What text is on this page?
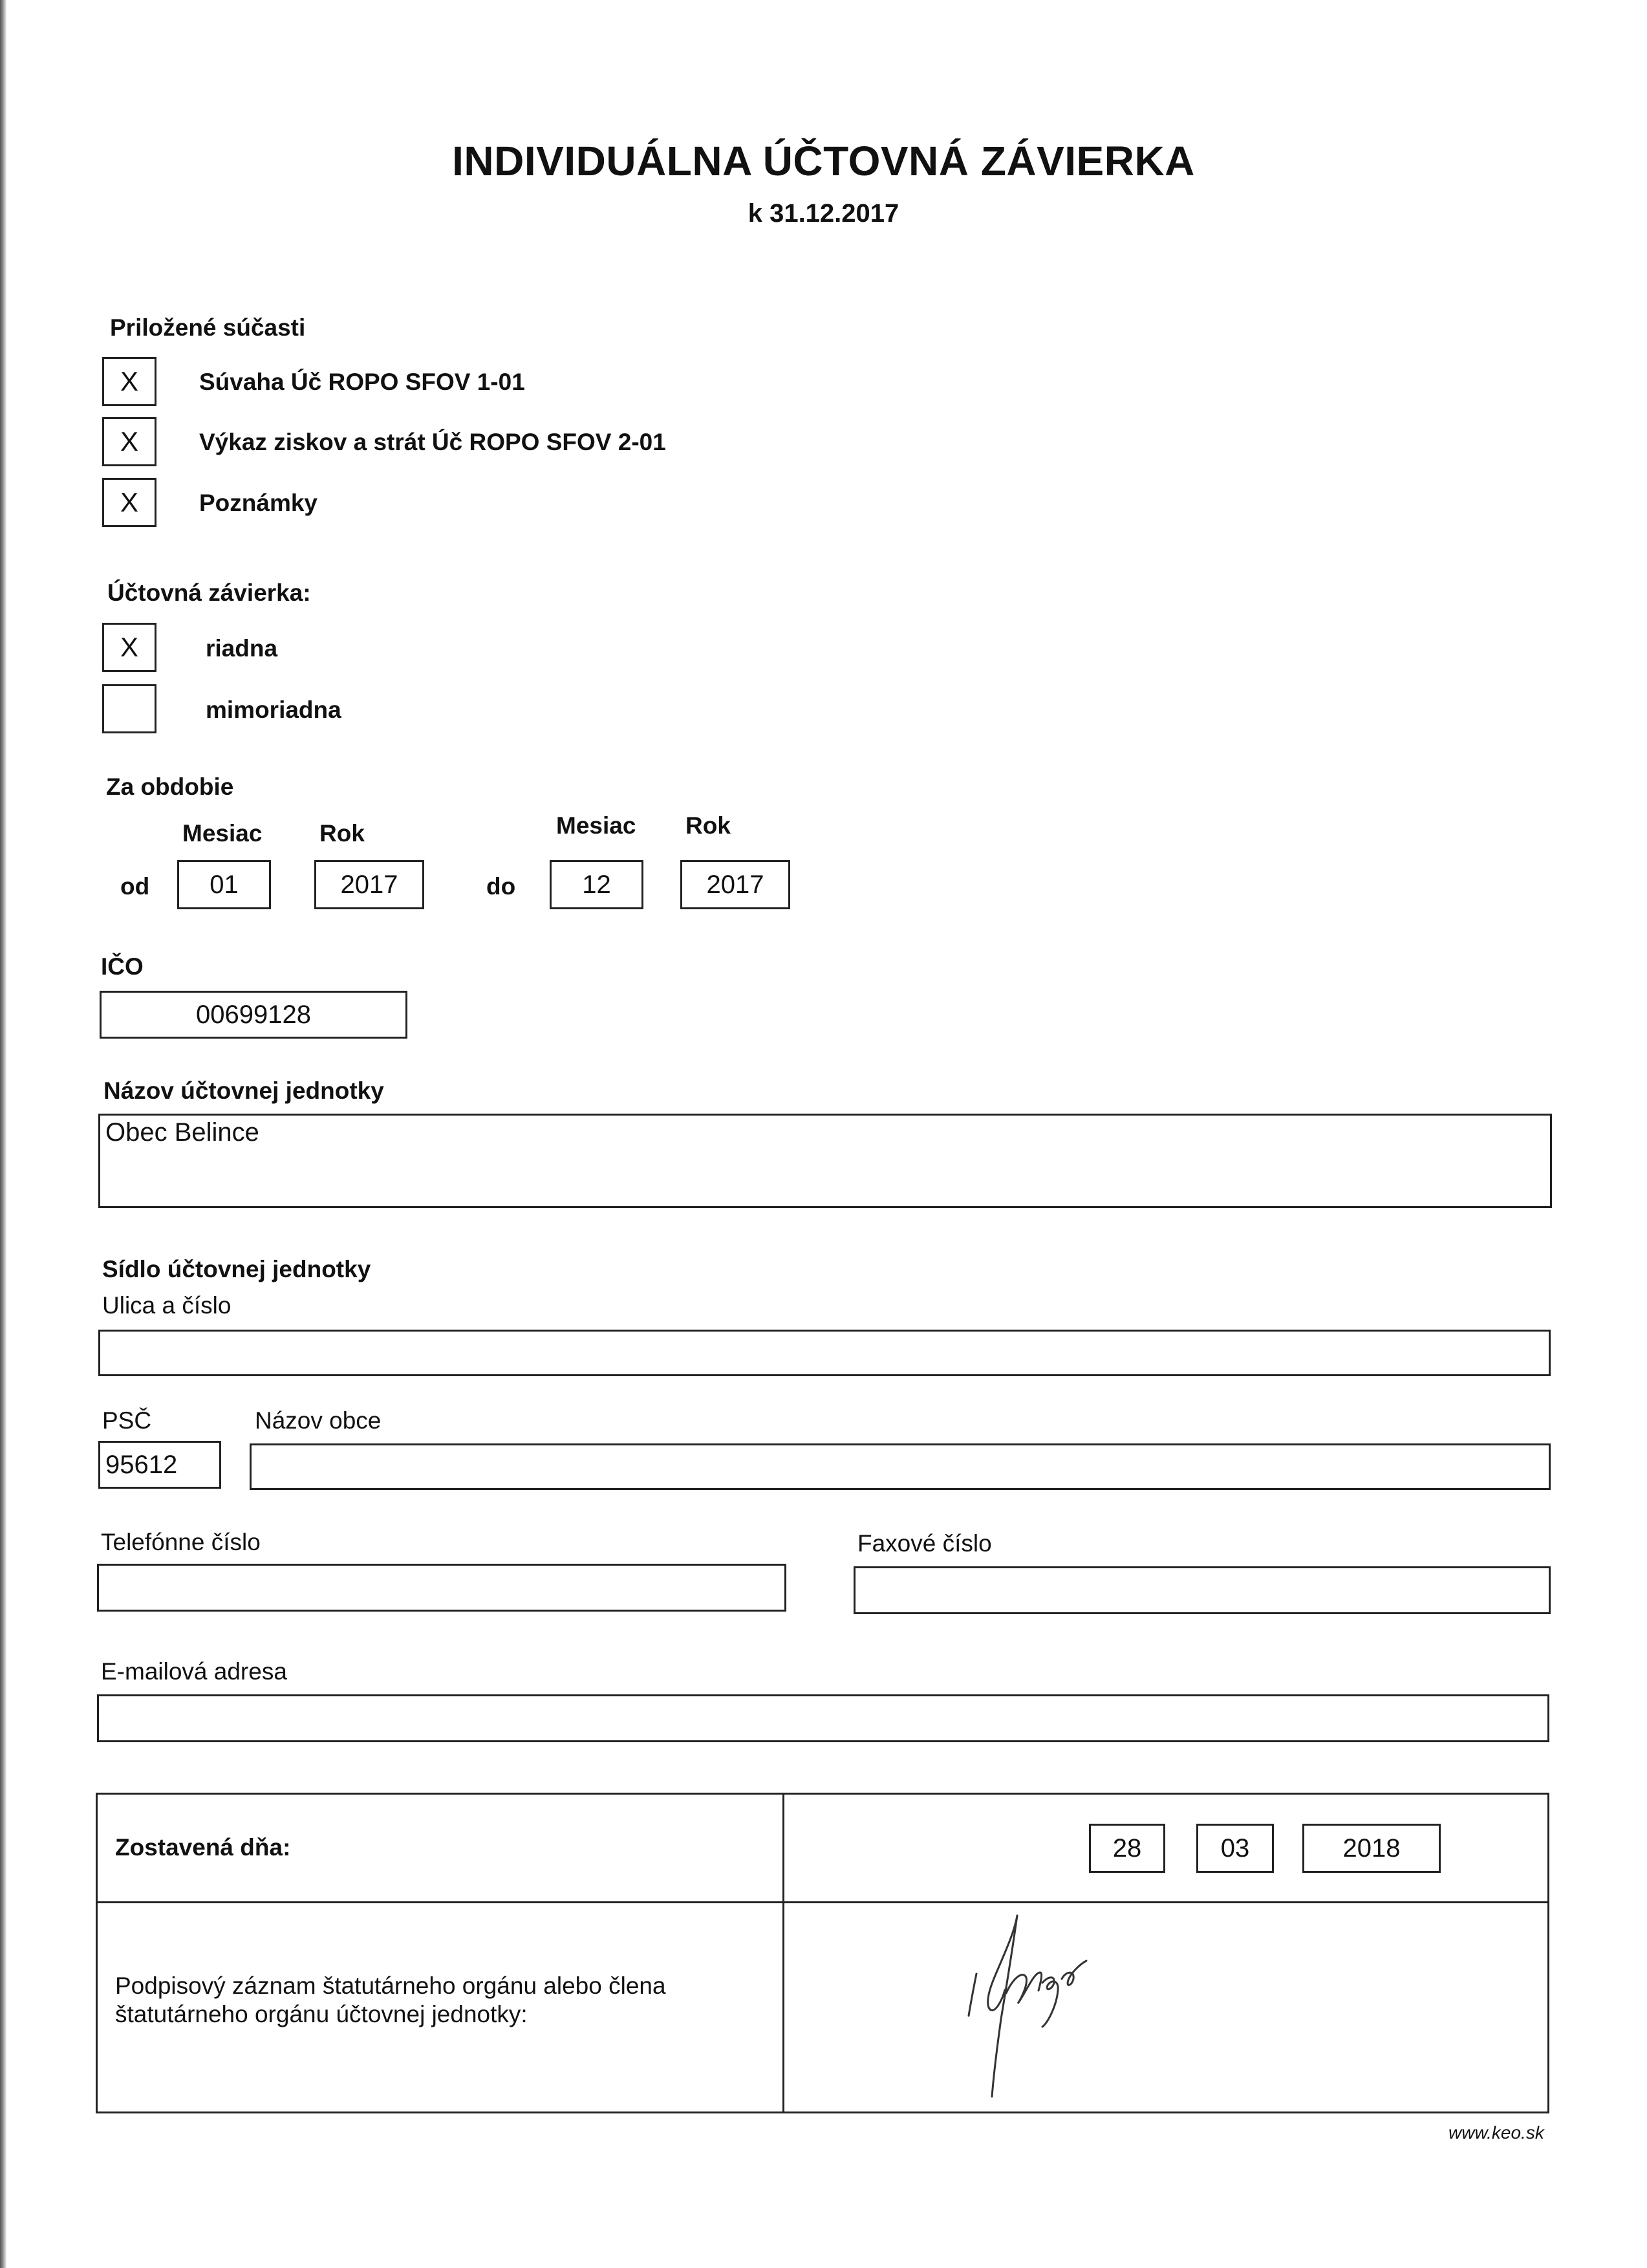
INDIVIDUÁLNA ÚČTOVNÁ ZÁVIERKA
k 31.12.2017
Priložené súčasti
X	Súvaha Úč ROPO SFOV 1-01
X	Výkaz ziskov a strát Úč ROPO SFOV 2-01
X	Poznámky
Účtovná závierka:
X	riadna
mimoriadna
Za obdobie
Mesiac Rok	Mesiac Rok
od	01	2017	do	12	2017
IČO
00699128
Názov účtovnej jednotky
Obec Belince
Sídlo účtovnej jednotky
Ulica a číslo
PSČ
95612
Názov obce
Telefónne číslo	Faxové číslo
E-mailová adresa
Zostavená dňa:	28	03	2018
Podpisový záznam štatutárneho orgánu alebo člena
štatutárneho orgánu účtovnej jednotky:
www.keo.sk
